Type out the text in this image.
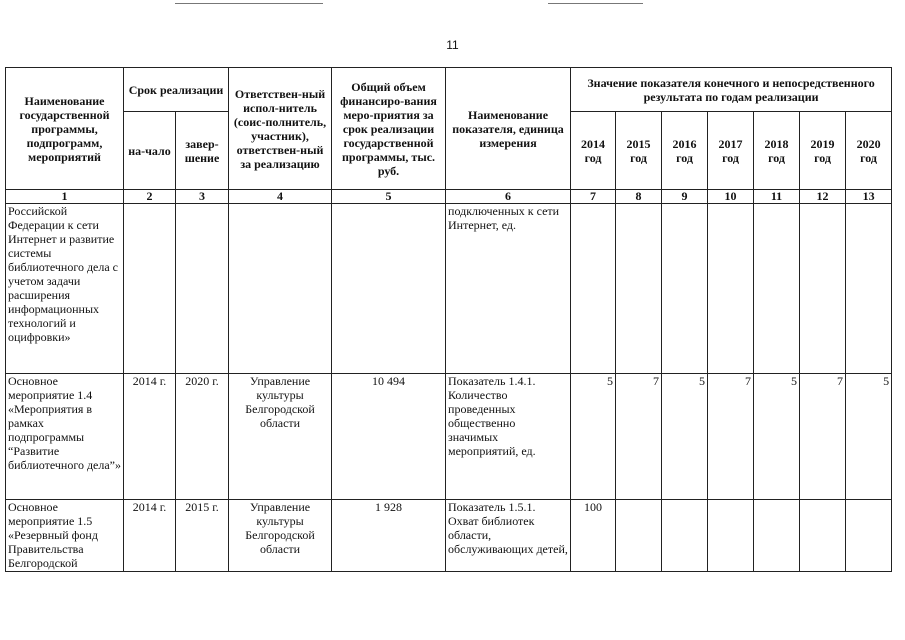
11
Наименование государственной программы, подпрограмм, мероприятий	Срок реализации		Ответствен-ный испол-нитель (соис-полнитель, участник), ответствен-ный за реализацию	Общий объем финансиро-вания меро-приятия за срок реализации государственной программы, тыс. руб.	Наименование показателя, единица измерения	Значение показателя конечного и непосредственного результата по годам реализации						
	на-чало	завер-шение				2014 год	2015 год	2016 год	2017 год	2018 год	2019 год	2020 год
1	2	3	4	5	6	7	8	9	10	11	12	13
Российской Федерации к сети Интернет и развитие системы библиотечного дела с учетом задачи расширения информационных технологий и оцифровки»					подключенных к сети Интернет, ед.							
Основное мероприятие 1.4 «Мероприятия в рамках подпрограммы “Развитие библиотечного дела”»	2014 г.	2020 г.	Управление культуры Белгородской области	10 494	Показатель 1.4.1. Количество проведенных общественно значимых мероприятий, ед.	5	7	5	7	5	7	5
Основное мероприятие 1.5 «Резервный фонд Правительства Белгородской	2014 г.	2015 г.	Управление культуры Белгородской области	1 928	Показатель 1.5.1. Охват библиотек области, обслуживающих детей,	100						
